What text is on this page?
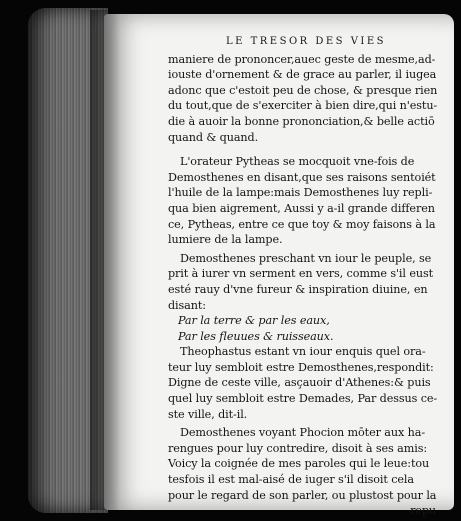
LE TRESOR DES VIES
maniere de prononcer,auec geste de mesme,ad-
iouste d'ornement & de grace au parler, il iugea
adonc que c'estoit peu de chose, & presque rien
du tout,que de s'exerciter à bien dire,qui n'estu-
die à auoir la bonne prononciation,& belle actiō
quand & quand.
L'orateur Pytheas se mocquoit vne-fois de
Demosthenes en disant,que ses raisons sentoiét
l'huile de la lampe:mais Demosthenes luy repli-
qua bien aigrement, Aussi y a-il grande differen
ce, Pytheas, entre ce que toy & moy faisons à la
lumiere de la lampe.
Demosthenes preschant vn iour le peuple, se
prit à iurer vn serment en vers, comme s'il eust
esté rauy d'vne fureur & inspiration diuine, en
disant:
Par la terre & par les eaux,
Par les fleuues & ruisseaux.
Theophastus estant vn iour enquis quel ora-
teur luy sembloit estre Demosthenes,respondit:
Digne de ceste ville, asçauoir d'Athenes:& puis
quel luy sembloit estre Demades, Par dessus ce-
ste ville, dit-il.
Demosthenes voyant Phocion mōter aux ha-
rengues pour luy contredire, disoit à ses amis:
Voicy la coignée de mes paroles qui le leue:tou
tesfois il est mal-aisé de iuger s'il disoit cela
pour le regard de son parler, ou plustost pour la
repu
